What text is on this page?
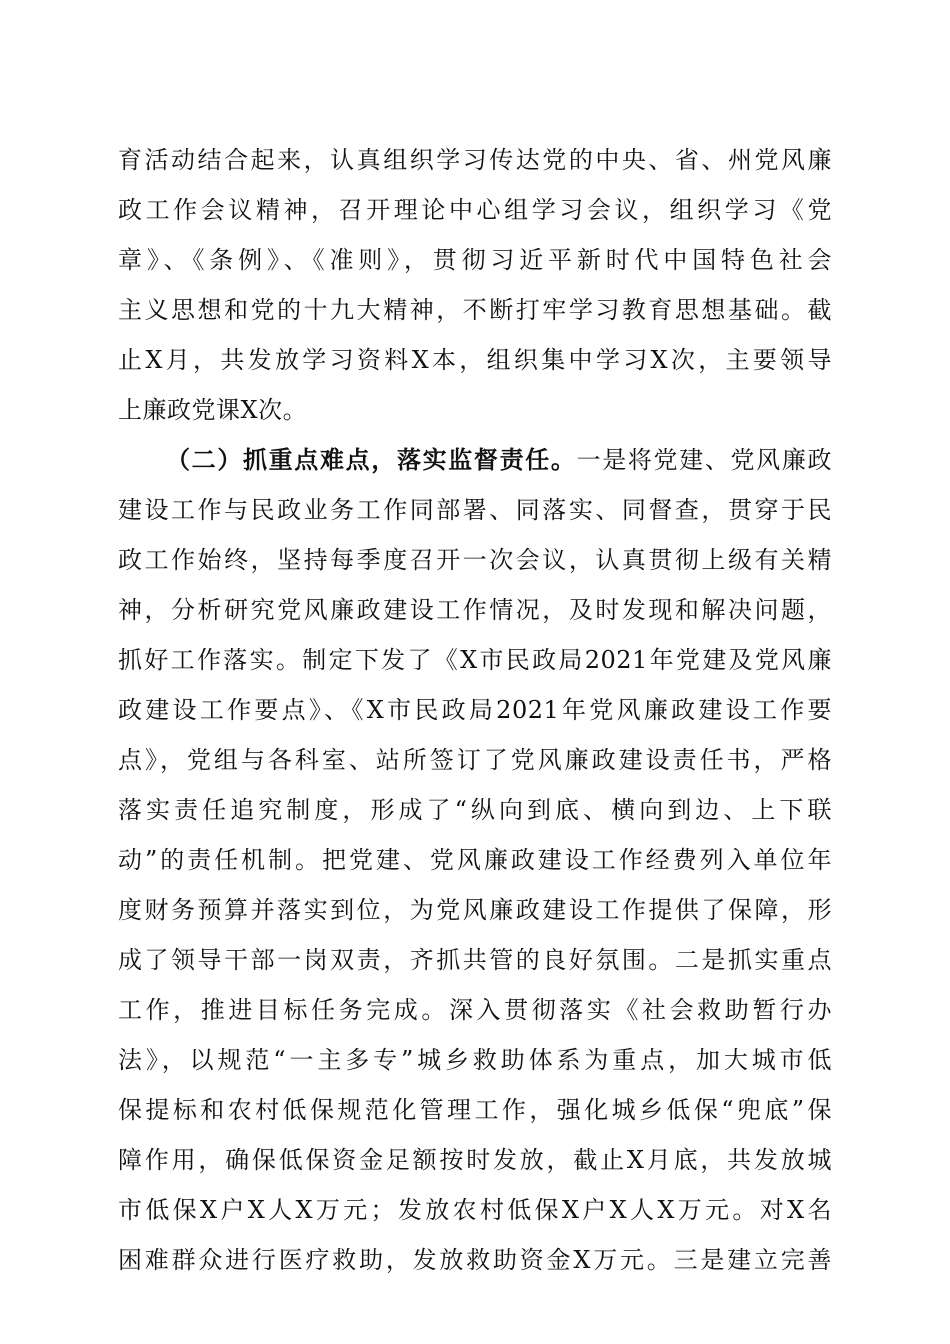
育活动结合起来，认真组织学习传达党的中央、省、州党风廉
政工作会议精神，召开理论中心组学习会议，组织学习《党
章》、《条例》、《准则》，贯彻习近平新时代中国特色社会
主义思想和党的十九大精神，不断打牢学习教育思想基础。截
止X月，共发放学习资料X本，组织集中学习X次，主要领导
上廉政党课X次。
（二）抓重点难点，落实监督责任。一是将党建、党风廉政
建设工作与民政业务工作同部署、同落实、同督查，贯穿于民
政工作始终，坚持每季度召开一次会议，认真贯彻上级有关精
神，分析研究党风廉政建设工作情况，及时发现和解决问题，
抓好工作落实。制定下发了《X市民政局2021年党建及党风廉
政建设工作要点》、《X市民政局2021年党风廉政建设工作要
点》，党组与各科室、站所签订了党风廉政建设责任书，严格
落实责任追究制度，形成了“纵向到底、横向到边、上下联
动”的责任机制。把党建、党风廉政建设工作经费列入单位年
度财务预算并落实到位，为党风廉政建设工作提供了保障，形
成了领导干部一岗双责，齐抓共管的良好氛围。二是抓实重点
工作，推进目标任务完成。深入贯彻落实《社会救助暂行办
法》，以规范“一主多专”城乡救助体系为重点，加大城市低
保提标和农村低保规范化管理工作，强化城乡低保“兜底”保
障作用，确保低保资金足额按时发放，截止X月底，共发放城
市低保X户X人X万元；发放农村低保X户X人X万元。对X名
困难群众进行医疗救助，发放救助资金X万元。三是建立完善
